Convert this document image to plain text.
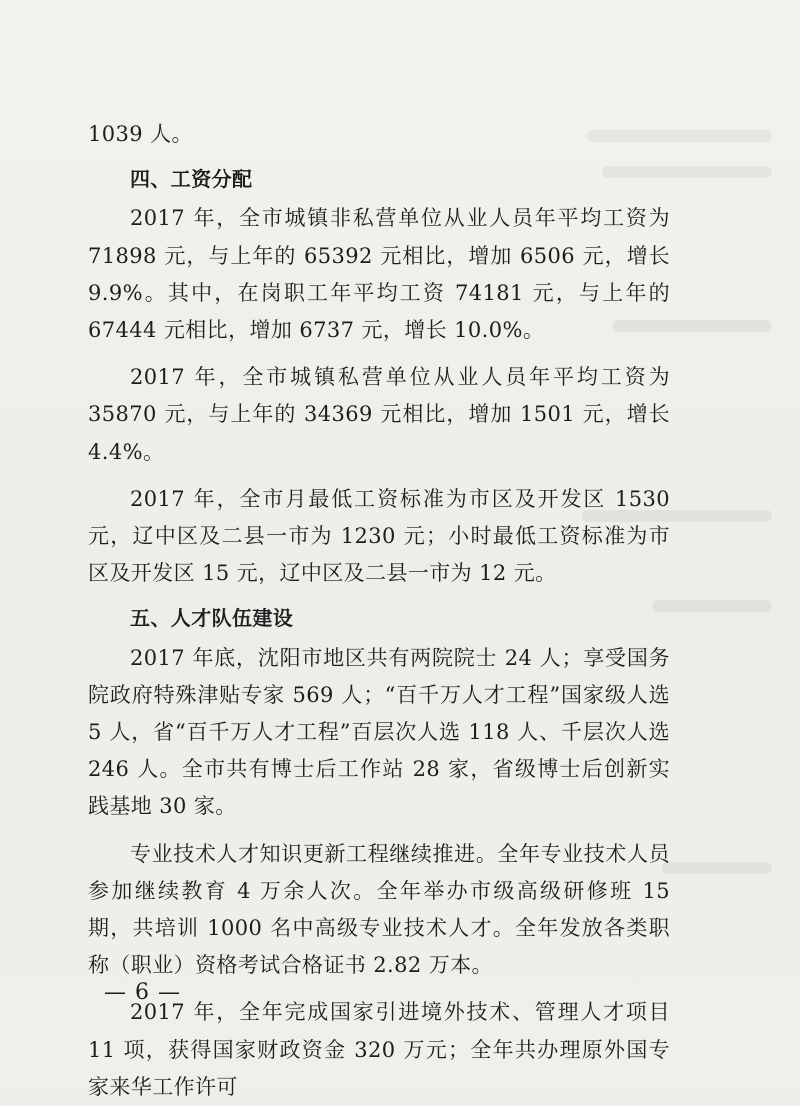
1039 人。

四、工资分配

2017 年，全市城镇非私营单位从业人员年平均工资为 71898 元，与上年的 65392 元相比，增加 6506 元，增长 9.9%。其中，在岗职工年平均工资 74181 元，与上年的 67444 元相比，增加 6737 元，增长 10.0%。

2017 年，全市城镇私营单位从业人员年平均工资为 35870 元，与上年的 34369 元相比，增加 1501 元，增长 4.4%。

2017 年，全市月最低工资标准为市区及开发区 1530 元，辽中区及二县一市为 1230 元；小时最低工资标准为市区及开发区 15 元，辽中区及二县一市为 12 元。

五、人才队伍建设

2017 年底，沈阳市地区共有两院院士 24 人；享受国务院政府特殊津贴专家 569 人；“百千万人才工程”国家级人选 5 人，省“百千万人才工程”百层次人选 118 人、千层次人选 246 人。全市共有博士后工作站 28 家，省级博士后创新实践基地 30 家。

专业技术人才知识更新工程继续推进。全年专业技术人员参加继续教育 4 万余人次。全年举办市级高级研修班 15 期，共培训 1000 名中高级专业技术人才。全年发放各类职称（职业）资格考试合格证书 2.82 万本。

2017 年，全年完成国家引进境外技术、管理人才项目 11 项，获得国家财政资金 320 万元；全年共办理原外国专家来华工作许可

— 6 —
